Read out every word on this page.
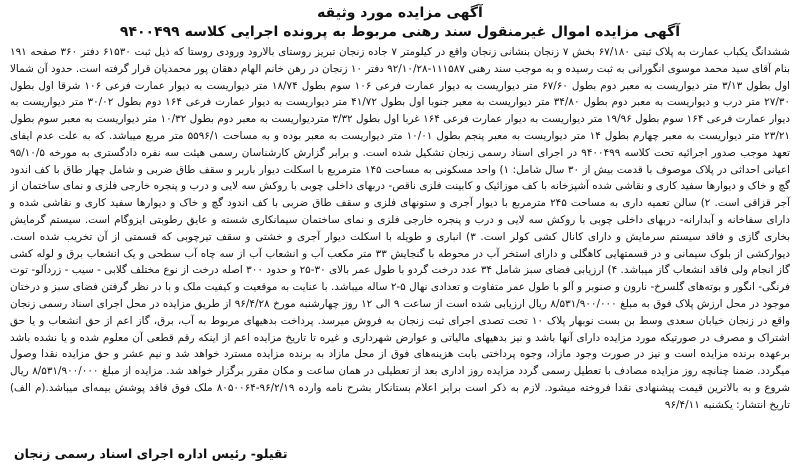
آگهی مزایده مورد وثیقه
آگهی مزایده اموال غیرمنقول سند رهنی مربوط به پرونده اجرایی کلاسه ۹۴۰۰۴۹۹

ششدانگ یکباب عمارت به پلاک ثبتی ۶۷/۱۸۰ بخش ۷ زنجان بنشانی زنجان واقع در کیلومتر ۷ جاده زنجان تبریز روستای بالارود ورودی روستا که ذیل ثبت ۶۱۵۳۰ دفتر ۳۶۰ صفحه ۱۹۱ بنام آقای سید محمد موسوی انگورانی به ثبت رسیده و به موجب سند رهنی ۱۱۱۵۸۷-۹۲/۱۰/۲۸ دفتر ۱۰ زنجان در رهن خانم الهام دهقان پور محمدیان قرار گرفته است. حدود آن شمالا اول بطول ۳/۱۳ متر دیواریست به معبر دوم بطول ۶۷/۶۰ متر دیواریست به دیوار عمارت فرعی ۱۰۶ سوم بطول ۱۸/۷۴ متر دیواریست به دیوار عمارت فرعی ۱۰۶ شرقا اول بطول ۲۷/۳۰ متر درب و دیواریست به معبر دوم بطول ۳۴/۸۰ متر دیواریست به معبر جنوبا اول بطول ۴۱/۷۲ متر دیواریست به دیوار عمارت فرعی ۱۶۴ دوم بطول ۳۰/۰۲ متر دیواریست به دیوار عمارت فرعی ۱۶۴ سوم بطول ۱۹/۹۶ متر دیواریست به دیوار عمارت فرعی ۱۶۴ غربا اول بطول ۳/۳۲ متردیواریست به معبر دوم بطول ۱۰/۳۲ متر دیواریست به معبر سوم بطول ۲۳/۲۱ متر دیواریست به معبر چهارم بطول ۱۴ متر دیواریست به معبر پنجم بطول ۱۰/۰۱ متر دیواریست به معبر بوده و به مساحت ۵۵۹۶/۱ متر مربع میباشد. که به علت عدم ایفای تعهد موجب صدور اجرائیه تحت کلاسه ۹۴۰۰۴۹۹ در اجرای اسناد رسمی زنجان تشکیل شده است. و برابر گزارش کارشناسان رسمی هیئت سه نفره دادگستری به مورخه ۹۵/۱۰/۵ اعیانی احداثی در پلاک موصوف با قدمت بیش از ۳۰ سال شامل: ۱) واحد مسکونی به مساحت ۱۴۵ مترمربع با اسکلت دیوار باربر و سقف طاق ضربی و شامل چهار طاق با کف اندود گچ و خاک و دیوارها سفید کاری و نقاشی شده آشپزخانه با کف موزائیک و کابینت فلزی ناقص- دربهای داخلی چوبی با روکش سه لایی و درب و پنجره خارجی فلزی و نمای ساختمان از آجر قزاقی است. ۲) سالن تعمیه داری به مساحت ۲۴۵ مترمربع با دیوار آجری و ستونهای فلزی و سقف طاق ضربی با کف اندود گچ و خاک و دیوارها سفید کاری و نقاشی شده و دارای سفاخانه و آبدارانه- دربهای داخلی چوبی با روکش سه لایی و درب و پنجره خارجی فلزی و نمای ساختمان سیمانکاری شسته و عایق رطوبتی ایزوگام است. سیستم گرمایش بخاری گازی و فاقد سیستم سرمایش و دارای کانال کشی کولر است. ۳) انباری و طویله با اسکلت دیوار آجری و خشتی و سقف تیرچوبی که قسمتی از آن تخریب شده است. دیوارکشی از بلوک سیمانی و در قسمتهایی کاهگلی و دارای استخر آب در محوطه با گنجایش ۳۳ متر مکعب آب و انشعاب آب از سه چاه آب سطحی و یک انشعاب برق و لوله کشی گاز انجام ولی فاقد انشعاب گاز میباشد. ۴) ارزیابی فضای سبز شامل ۳۴ عدد درخت گردو با طول عمر بالای ۳۰-۲۵ و حدود ۳۰۰ اصله درخت از نوع مختلف گلابی - سیب - زردآلو- توت فرنگی- انگور و بوته‌های گلسرخ- نارون و صنوبر و آلو با طول عمر متفاوت و تعدادی نهال ۵-۲ ساله میباشد. با عنایت به موقعیت و کیفیت ملک و با در نظر گرفتن فضای سبز و درختان موجود در محل ارزش پلاک فوق به مبلغ ۸/۵۳۱/۹۰۰/۰۰۰ ریال ارزیابی شده است از ساعت ۹ الی ۱۲ روز چهارشنبه مورخ ۹۶/۴/۲۸ از طریق مزایده در محل اجرای اسناد رسمی زنجان واقع در زنجان خیابان سعدی وسط بن بست نوبهار پلاک ۱۰ تحت تصدی اجرای ثبت زنجان به فروش میرسد. پرداخت بدهیهای مربوط به آب، برق، گاز اعم از حق انشعاب و یا حق اشتراک و مصرف در صورتیکه مورد مزایده دارای آنها باشد و نیز بدهیهای مالیاتی و عوارض شهرداری و غیره تا تاریخ مزایده اعم از اینکه رقم قطعی آن معلوم شده و یا نشده باشد برعهده برنده مزایده است و نیز در صورت وجود مازاد، وجوه پرداختی بابت هزینه‌های فوق از محل مازاد به برنده مزایده مسترد خواهد شد و نیم عشر و حق مزایده نقدا وصول میگردد. ضمنا چنانچه روز مزایده مصادف با تعطیل رسمی گردد مزایده روز اداری بعد از تعطیلی در همان ساعت و مکان مقرر برگزار خواهد شد. مزایده از مبلغ ۸/۵۳۱/۹۰۰/۰۰۰ ریال شروع و به بالاترین قیمت پیشنهادی نقدا فروخته میشود. لازم به ذکر است برابر اعلام بستانکار بشرح نامه وارده ۹۶/۲/۱۹-۸۰۵۰۰۶۴ ملک فوق فاقد پوشش بیمه‌ای میباشد.(م الف) تاریخ انتشار: یکشنبه ۹۶/۴/۱۱

تقیلو- رئیس اداره اجرای اسناد رسمی زنجان
